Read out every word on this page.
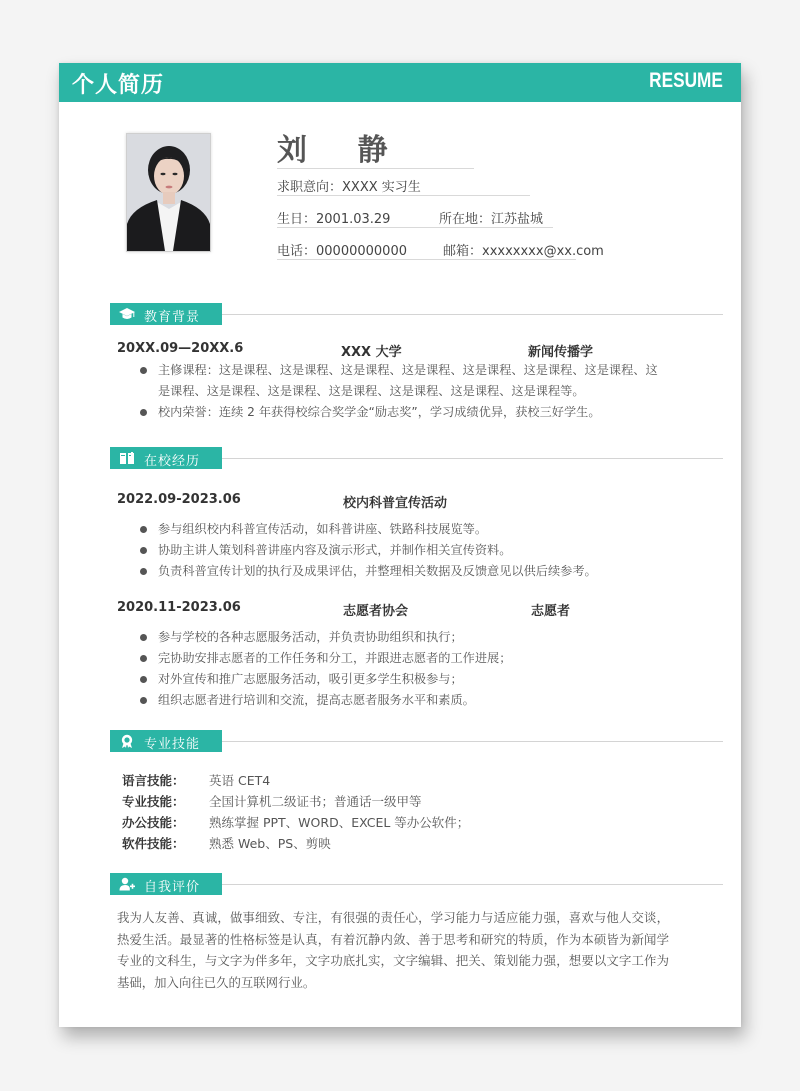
个人简历	RESUME
刘 静
求职意向：XXXX 实习生
生日：2001.03.29	所在地：江苏盐城
电话：00000000000	邮箱：xxxxxxxx@xx.com
教育背景
20XX.09—20XX.6	XXX 大学	新闻传播学
主修课程：这是课程、这是课程、这是课程、这是课程、这是课程、这是课程、这是课程、这是课程、这是课程、这是课程、这是课程、这是课程、这是课程、这是课程等。
校内荣誉：连续 2 年获得校综合奖学金“励志奖”，学习成绩优异，获校三好学生。
在校经历
2022.09-2023.06	校内科普宣传活动
参与组织校内科普宣传活动，如科普讲座、铁路科技展览等。
协助主讲人策划科普讲座内容及演示形式，并制作相关宣传资料。
负责科普宣传计划的执行及成果评估，并整理相关数据及反馈意见以供后续参考。
2020.11-2023.06	志愿者协会	志愿者
参与学校的各种志愿服务活动，并负责协助组织和执行；
完协助安排志愿者的工作任务和分工，并跟进志愿者的工作进展；
对外宣传和推广志愿服务活动，吸引更多学生积极参与；
组织志愿者进行培训和交流，提高志愿者服务水平和素质。
专业技能
语言技能： 英语 CET4
专业技能： 全国计算机二级证书；普通话一级甲等
办公技能： 熟练掌握 PPT、WORD、EXCEL 等办公软件；
软件技能： 熟悉 Web、PS、剪映
自我评价
我为人友善、真诚，做事细致、专注，有很强的责任心，学习能力与适应能力强，喜欢与他人交谈，热爱生活。最显著的性格标签是认真，有着沉静内敛、善于思考和研究的特质，作为本硕皆为新闻学专业的文科生，与文字为伴多年，文字功底扎实，文字编辑、把关、策划能力强，想要以文字工作为基础，加入向往已久的互联网行业。
